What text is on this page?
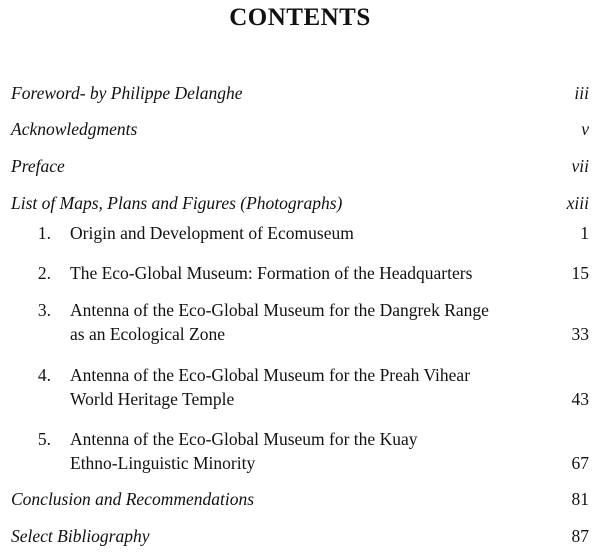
CONTENTS
Foreword- by Philippe Delanghe	iii
Acknowledgments	v
Preface	vii
List of Maps, Plans and Figures (Photographs)	xiii
1. Origin and Development of Ecomuseum	1
2. The Eco-Global Museum: Formation of the Headquarters	15
3. Antenna of the Eco-Global Museum for the Dangrek Range
as an Ecological Zone	33
4. Antenna of the Eco-Global Museum for the Preah Vihear
World Heritage Temple	43
5. Antenna of the Eco-Global Museum for the Kuay
Ethno-Linguistic Minority	67
Conclusion and Recommendations	81
Select Bibliography	87
